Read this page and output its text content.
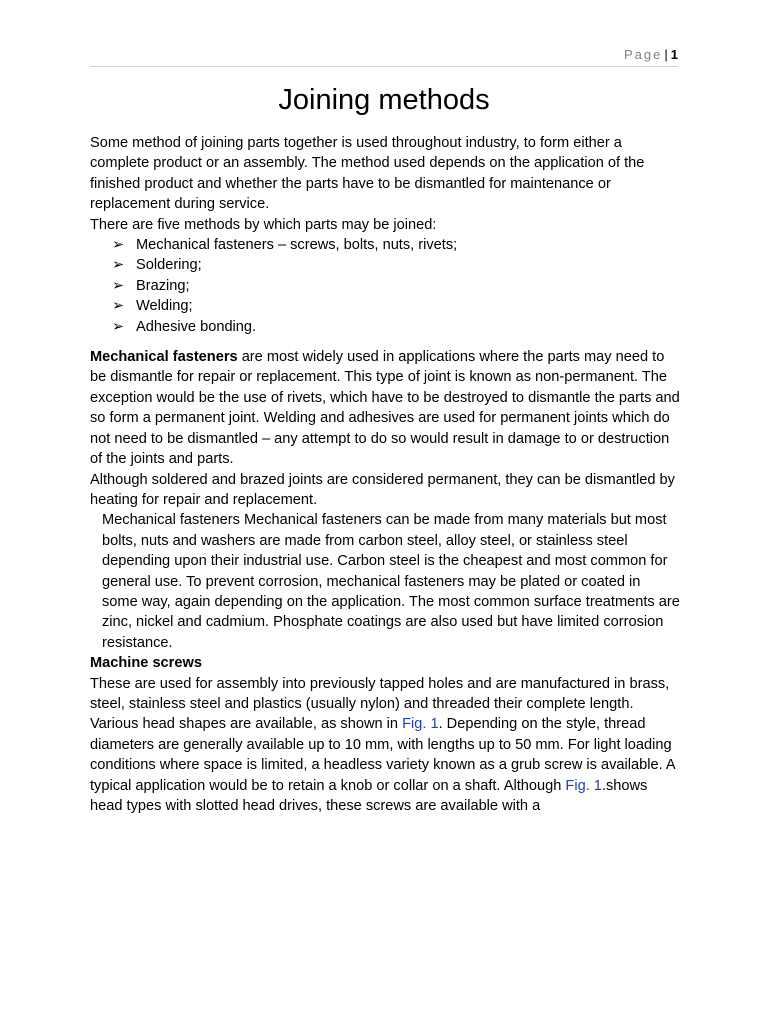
Page | 1
Joining methods

Some method of joining parts together is used throughout industry, to form either a complete product or an assembly. The method used depends on the application of the finished product and whether the parts have to be dismantled for maintenance or replacement during service.

There are five methods by which parts may be joined:

➢ Mechanical fasteners – screws, bolts, nuts, rivets;
➢ Soldering;
➢ Brazing;
➢ Welding;
➢ Adhesive bonding.

Mechanical fasteners are most widely used in applications where the parts may need to be dismantle for repair or replacement. This type of joint is known as non-permanent. The exception would be the use of rivets, which have to be destroyed to dismantle the parts and so form a permanent joint. Welding and adhesives are used for permanent joints which do not need to be dismantled – any attempt to do so would result in damage to or destruction of the joints and parts.

Although soldered and brazed joints are considered permanent, they can be dismantled by heating for repair and replacement.

Mechanical fasteners Mechanical fasteners can be made from many materials but most bolts, nuts and washers are made from carbon steel, alloy steel, or stainless steel depending upon their industrial use. Carbon steel is the cheapest and most common for general use. To prevent corrosion, mechanical fasteners may be plated or coated in some way, again depending on the application. The most common surface treatments are zinc, nickel and cadmium. Phosphate coatings are also used but have limited corrosion resistance.

Machine screws

These are used for assembly into previously tapped holes and are manufactured in brass, steel, stainless steel and plastics (usually nylon) and threaded their complete length. Various head shapes are available, as shown in Fig. 1. Depending on the style, thread diameters are generally available up to 10 mm, with lengths up to 50 mm. For light loading conditions where space is limited, a headless variety known as a grub screw is available. A typical application would be to retain a knob or collar on a shaft. Although Fig. 1.shows head types with slotted head drives, these screws are available with a
